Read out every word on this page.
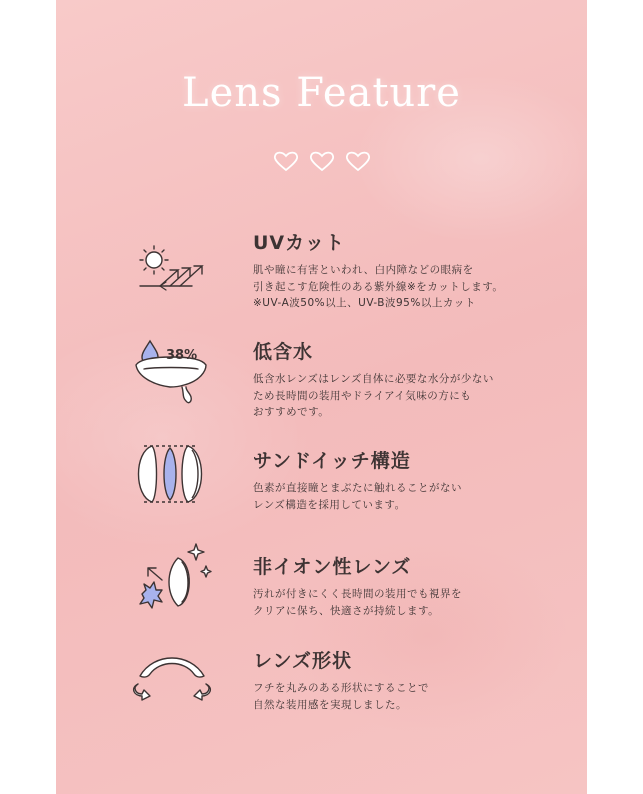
Lens Feature
UVカット
肌や瞳に有害といわれ、白内障などの眼病を
引き起こす危険性のある紫外線※をカットします。
※UV-A波50%以上、UV-B波95%以上カット
38%	低含水
低含水レンズはレンズ自体に必要な水分が少ない
ため長時間の装用やドライアイ気味の方にも
おすすめです。
サンドイッチ構造
色素が直接瞳とまぶたに触れることがない
レンズ構造を採用しています。
非イオン性レンズ
汚れが付きにくく長時間の装用でも視界を
クリアに保ち、快適さが持続します。
レンズ形状
フチを丸みのある形状にすることで
自然な装用感を実現しました。
